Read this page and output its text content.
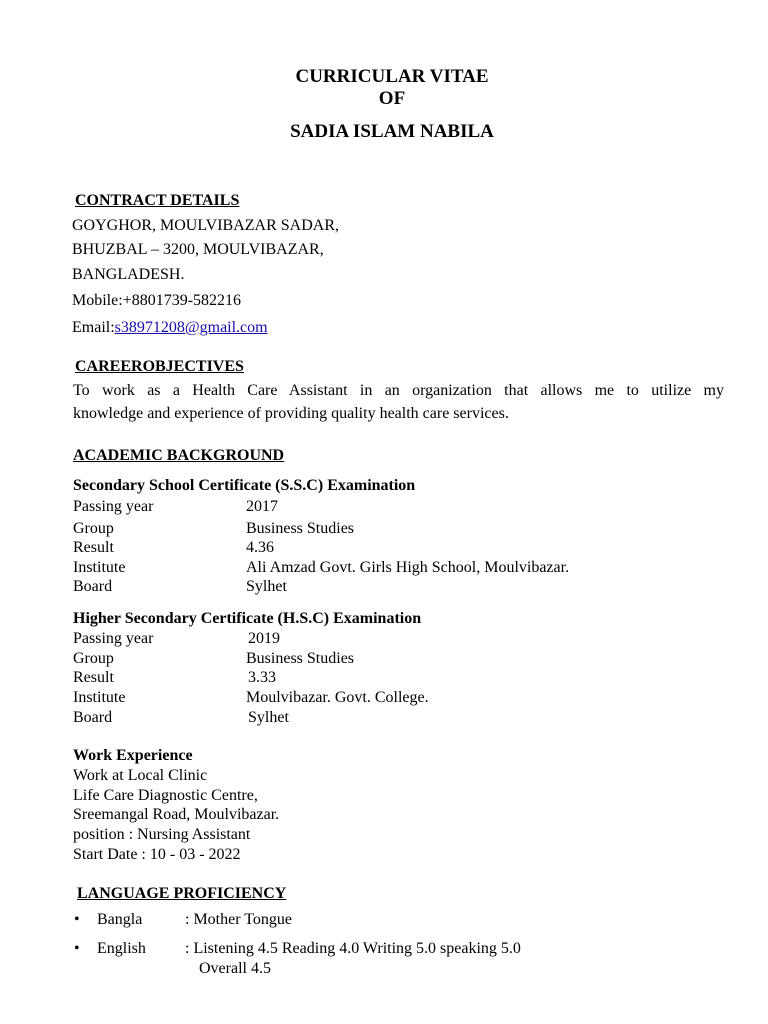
CURRICULAR VITAE
OF
SADIA ISLAM NABILA
CONTRACT DETAILS
GOYGHOR, MOULVIBAZAR SADAR,
BHUZBAL – 3200, MOULVIBAZAR,
BANGLADESH.
Mobile:+8801739-582216
Email:s38971208@gmail.com
CAREEROBJECTIVES
To work as a Health Care Assistant in an organization that allows me to utilize my
knowledge and experience of providing quality health care services.
ACADEMIC BACKGROUND
Secondary School Certificate (S.S.C) Examination
Passing year	2017
Group	Business Studies
Result	4.36
Institute	Ali Amzad Govt. Girls High School, Moulvibazar.
Board	Sylhet
Higher Secondary Certificate (H.S.C) Examination
Passing year	2019
Group	Business Studies
Result	3.33
Institute	Moulvibazar. Govt. College.
Board	Sylhet
Work Experience
Work at Local Clinic
Life Care Diagnostic Centre,
Sreemangal Road, Moulvibazar.
position : Nursing Assistant
Start Date : 10 - 03 - 2022
LANGUAGE PROFICIENCY
• Bangla	: Mother Tongue
• English : Listening 4.5 Reading 4.0 Writing 5.0 speaking 5.0
Overall 4.5
